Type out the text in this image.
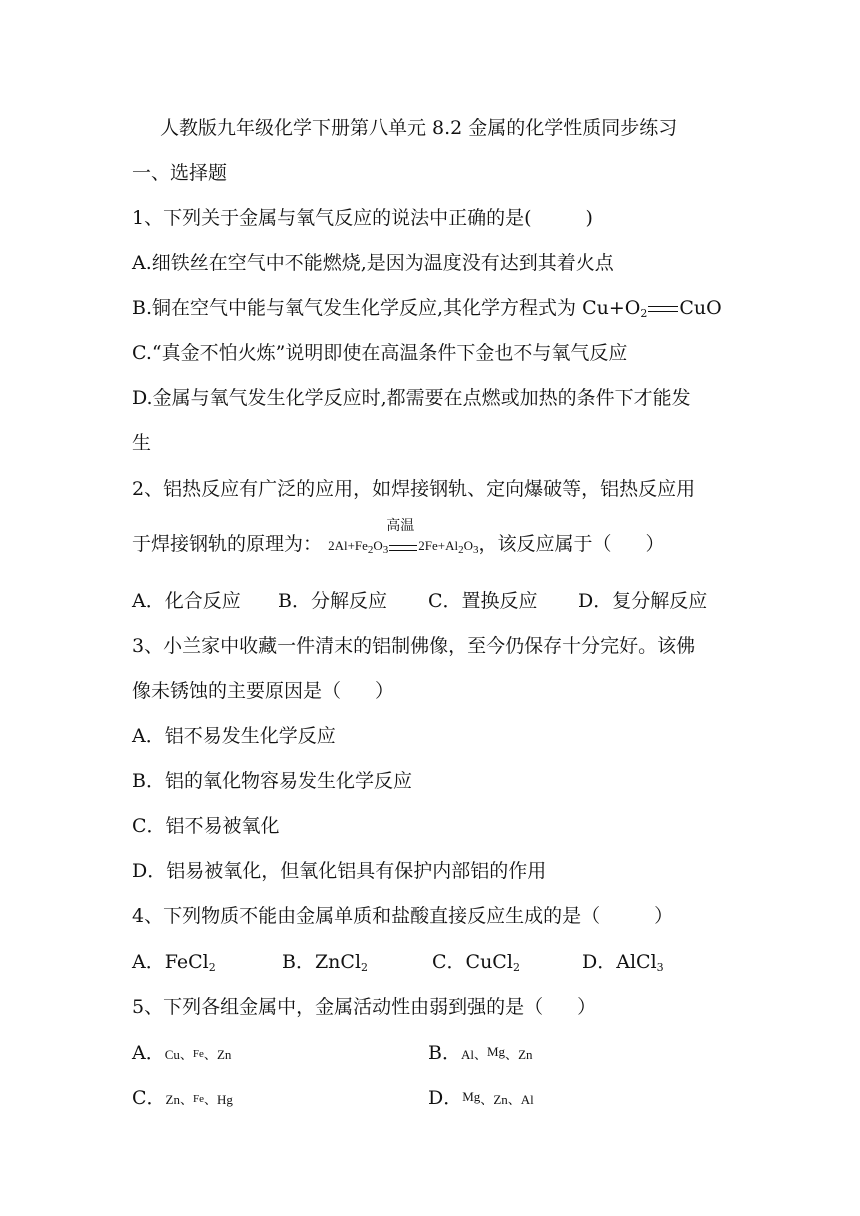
人教版九年级化学下册第八单元 8.2 金属的化学性质同步练习
一、选择题
1、下列关于金属与氧气反应的说法中正确的是(	)
A.细铁丝在空气中不能燃烧,是因为温度没有达到其着火点
B.铜在空气中能与氧气发生化学反应,其化学方程式为 $Cu+O_2$ CuO
C.“真金不怕火炼”说明即使在高温条件下金也不与氧气反应
D.金属与氧气发生化学反应时,都需要在点燃或加热的条件下才能发
生
2、铝热反应有广泛的应用，如焊接钢轨、定向爆破等，铝热反应用
于焊接钢轨的原理为： $2Al+Fe_2O_3$
高温
$2Fe+Al_2O_3$，该反应属于（ ）
A．化合反应 B．分解反应 C．置换反应 D．复分解反应
3、小兰家中收藏一件清末的铝制佛像，至今仍保存十分完好。该佛
像未锈蚀的主要原因是（ ）
A．铝不易发生化学反应
B．铝的氧化物容易发生化学反应
C．铝不易被氧化
D．铝易被氧化，但氧化铝具有保护内部铝的作用
4、下列物质不能由金属单质和盐酸直接反应生成的是（	）
A．FeCl$_2$	B．ZnCl$_2$	C．CuCl$_2$	D．AlCl$_3$
5、下列各组金属中，金属活动性由弱到强的是（ ）
A．Cu、Fe、Zn	B．Al、Mg、Zn
C．Zn、Fe、Hg	D．Mg、Zn、Al
